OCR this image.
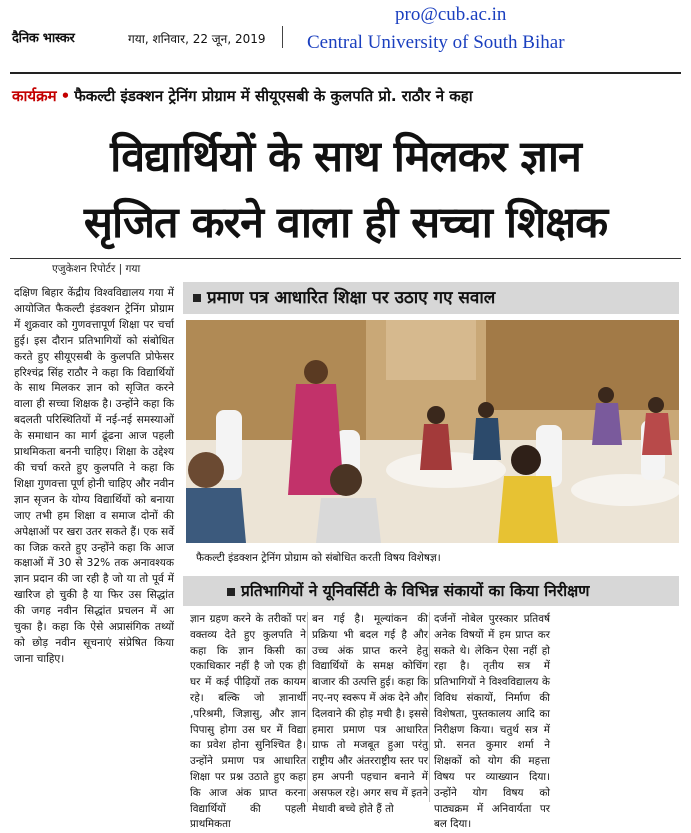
दैनिक भास्कर	गया, शनिवार, 22 जून, 2019
pro@cub.ac.in
Central University of South Bihar
कार्यक्रम • फैकल्टी इंडक्शन ट्रेनिंग प्रोग्राम में सीयूएसबी के कुलपति प्रो. राठौर ने कहा
विद्यार्थियों के साथ मिलकर ज्ञान
सृजित करने वाला ही सच्चा शिक्षक
एजुकेशन रिपोर्टर | गया
दक्षिण बिहार केंद्रीय विश्वविद्यालय गया में आयोजित फैकल्टी इंडक्शन ट्रेनिंग प्रोग्राम में शुक्रवार को गुणवत्तापूर्ण शिक्षा पर चर्चा हुई। इस दौरान प्रतिभागियों को संबोधित करते हुए सीयूएसबी के कुलपति प्रोफेसर हरिश्चंद्र सिंह राठौर ने कहा कि विद्यार्थियों के साथ मिलकर ज्ञान को सृजित करने वाला ही सच्चा शिक्षक है। उन्होंने कहा कि बदलती परिस्थितियों में नई-नई समस्याओं के समाधान का मार्ग ढूंढना आज पहली प्राथमिकता बननी चाहिए। शिक्षा के उद्देश्य की चर्चा करते हुए कुलपति ने कहा कि शिक्षा गुणवत्ता पूर्ण होनी चाहिए और नवीन ज्ञान सृजन के योग्य विद्यार्थियों को बनाया जाए तभी हम शिक्षा व समाज दोनों की अपेक्षाओं पर खरा उतर सकते हैं। एक सर्वे का जिक्र करते हुए उन्होंने कहा कि आज कक्षाओं में 30 से 32% तक अनावश्यक ज्ञान प्रदान की जा रही है जो या तो पूर्व में खारिज हो चुकी है या फिर उस सिद्धांत की जगह नवीन सिद्धांत प्रचलन में आ चुका है। कहा कि ऐसे अप्रासंगिक तथ्यों को छोड़ नवीन सूचनाएं संप्रेषित किया जाना चाहिए।
प्रमाण पत्र आधारित शिक्षा पर उठाए गए सवाल
फैकल्टी इंडक्शन ट्रेनिंग प्रोग्राम को संबोधित करती विषय विशेषज्ञ।
प्रतिभागियों ने यूनिवर्सिटी के विभिन्न संकायों का किया निरीक्षण
ज्ञान ग्रहण करने के तरीकों पर वक्तव्य देते हुए कुलपति ने कहा कि ज्ञान किसी का एकाधिकार नहीं है जो एक ही घर में कई पीढ़ियों तक कायम रहे। बल्कि जो ज्ञानार्थी ,परिश्रमी, जिज्ञासु, और ज्ञान पिपासु होगा उस घर में विद्या का प्रवेश होना सुनिश्चित है। उन्होंने प्रमाण पत्र आधारित शिक्षा पर प्रश्न उठाते हुए कहा कि आज अंक प्राप्त करना विद्यार्थियों की पहली प्राथमिकता
बन गई है। मूल्यांकन की प्रक्रिया भी बदल गई है और उच्च अंक प्राप्त करने हेतु विद्यार्थियों के समक्ष कोचिंग बाजार की उत्पत्ति हुई। कहा कि नए-नए स्वरूप में अंक देने और दिलवाने की होड़ मची है। इससे हमारा प्रमाण पत्र आधारित ग्राफ तो मजबूत हुआ परंतु राष्ट्रीय और अंतरराष्ट्रीय स्तर पर हम अपनी पहचान बनाने में असफल रहे। अगर सच में इतने मेधावी बच्चे होते हैं तो
दर्जनों नोबेल पुरस्कार प्रतिवर्ष अनेक विषयों में हम प्राप्त कर सकते थे। लेकिन ऐसा नहीं हो रहा है। तृतीय सत्र में प्रतिभागियों ने विश्वविद्यालय के विविध संकायों, निर्माण की विशेषता, पुस्तकालय आदि का निरीक्षण किया। चतुर्थ सत्र में प्रो. सनत कुमार शर्मा ने शिक्षकों को योग की महत्ता विषय पर व्याख्यान दिया। उन्होंने योग विषय को पाठ्यक्रम में अनिवार्यता पर बल दिया।
